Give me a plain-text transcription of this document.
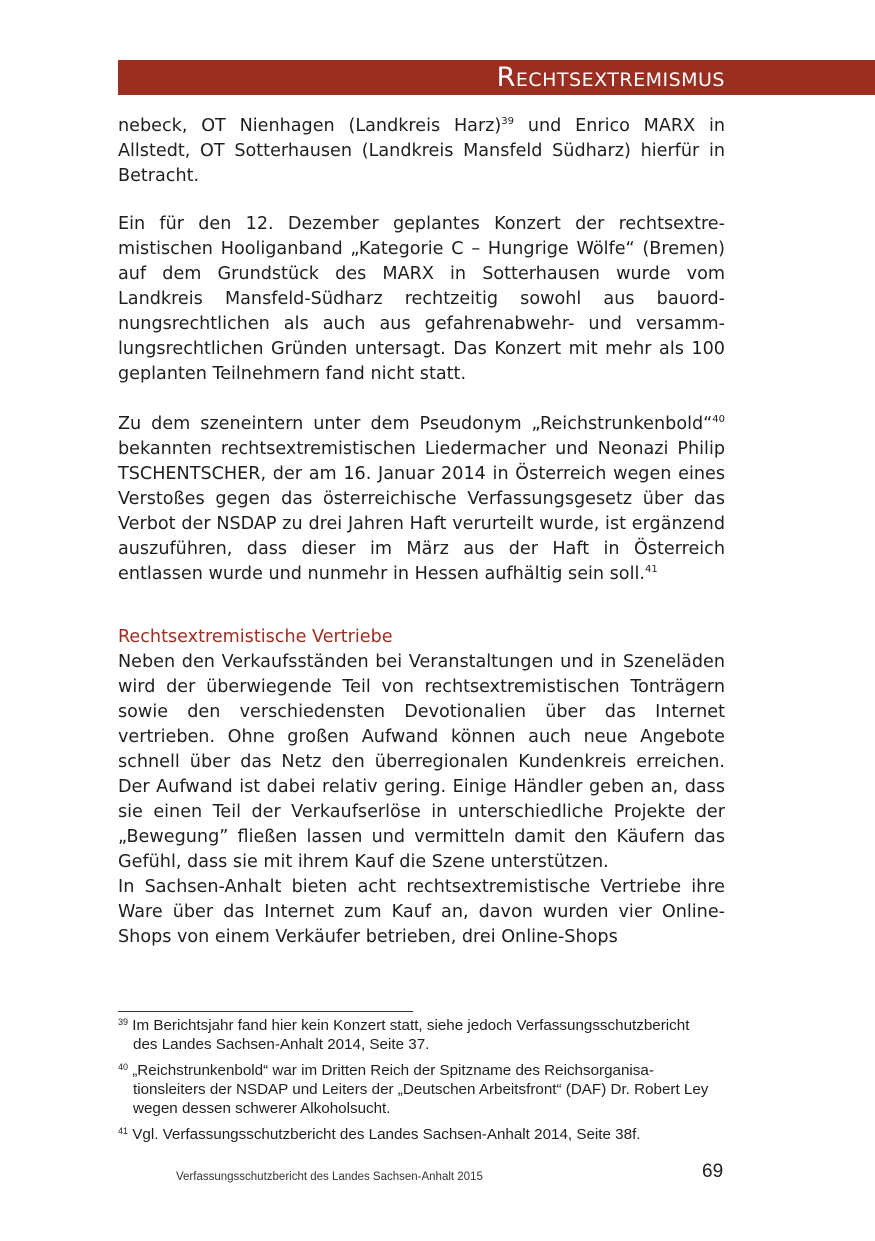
Rechtsextremismus

nebeck, OT Nienhagen (Landkreis Harz)$^{39}$ und Enrico MARX in Allstedt, OT Sotterhausen (Landkreis Mansfeld Südharz) hierfür in Betracht.

Ein für den 12. Dezember geplantes Konzert der rechtsextremistischen Hooliganband „Kategorie C – Hungrige Wölfe“ (Bremen) auf dem Grundstück des MARX in Sotterhausen wurde vom Landkreis Mansfeld-Südharz rechtzeitig sowohl aus bauordnungsrechtlichen als auch aus gefahrenabwehr- und versammlungsrechtlichen Gründen untersagt. Das Konzert mit mehr als 100 geplanten Teilnehmern fand nicht statt.

Zu dem szeneintern unter dem Pseudonym „Reichstrunkenbold“$^{40}$ bekannten rechtsextremistischen Liedermacher und Neonazi Philip TSCHENTSCHER, der am 16. Januar 2014 in Österreich wegen eines Verstoßes gegen das österreichische Verfassungsgesetz über das Verbot der NSDAP zu drei Jahren Haft verurteilt wurde, ist ergänzend auszuführen, dass dieser im März aus der Haft in Österreich entlassen wurde und nunmehr in Hessen aufhältig sein soll.$^{41}$

Rechtsextremistische Vertriebe

Neben den Verkaufsständen bei Veranstaltungen und in Szeneläden wird der überwiegende Teil von rechtsextremistischen Tonträgern sowie den verschiedensten Devotionalien über das Internet vertrieben. Ohne großen Aufwand können auch neue Angebote schnell über das Netz den überregionalen Kundenkreis erreichen. Der Aufwand ist dabei relativ gering. Einige Händler geben an, dass sie einen Teil der Verkaufserlöse in unterschiedliche Projekte der „Bewegung” fließen lassen und vermitteln damit den Käufern das Gefühl, dass sie mit ihrem Kauf die Szene unterstützen.

In Sachsen-Anhalt bieten acht rechtsextremistische Vertriebe ihre Ware über das Internet zum Kauf an, davon wurden vier Online-Shops von einem Verkäufer betrieben, drei Online-Shops

$^{39}$ Im Berichtsjahr fand hier kein Konzert statt, siehe jedoch Verfassungsschutzbericht des Landes Sachsen-Anhalt 2014, Seite 37.

$^{40}$ „Reichstrunkenbold“ war im Dritten Reich der Spitzname des Reichsorganisationsleiters der NSDAP und Leiters der „Deutschen Arbeitsfront“ (DAF) Dr. Robert Ley wegen dessen schwerer Alkoholsucht.

$^{41}$ Vgl. Verfassungsschutzbericht des Landes Sachsen-Anhalt 2014, Seite 38f.

Verfassungsschutzbericht des Landes Sachsen-Anhalt 2015	69
